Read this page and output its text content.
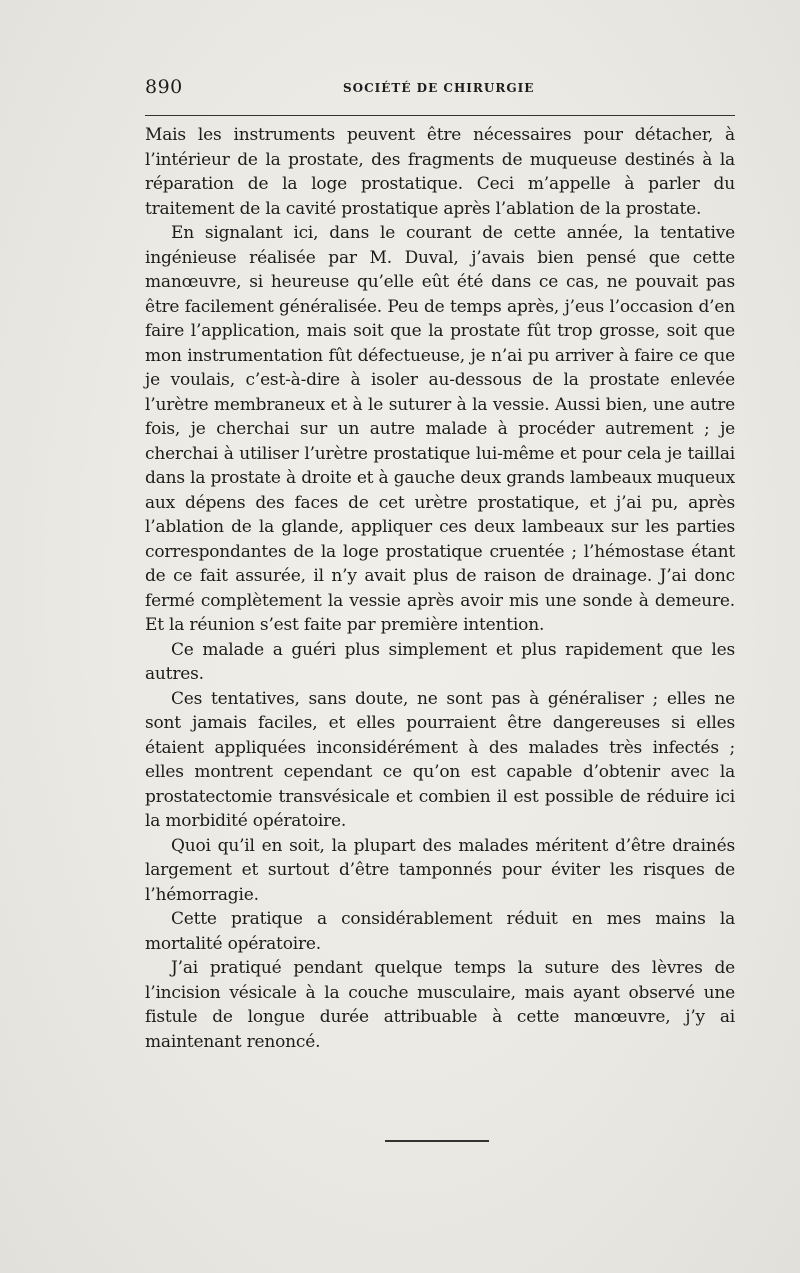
890	SOCIÉTÉ DE CHIRURGIE

Mais les instruments peuvent être nécessaires pour détacher, à l’intérieur de la prostate, des fragments de muqueuse destinés à la réparation de la loge prostatique. Ceci m’appelle à parler du traitement de la cavité prostatique après l’ablation de la prostate.

En signalant ici, dans le courant de cette année, la tentative ingénieuse réalisée par M. Duval, j’avais bien pensé que cette manœuvre, si heureuse qu’elle eût été dans ce cas, ne pouvait pas être facilement généralisée. Peu de temps après, j’eus l’occasion d’en faire l’application, mais soit que la prostate fût trop grosse, soit que mon instrumentation fût défectueuse, je n’ai pu arriver à faire ce que je voulais, c’est-à-dire à isoler au-dessous de la prostate enlevée l’urètre membraneux et à le suturer à la vessie. Aussi bien, une autre fois, je cherchai sur un autre malade à procéder autrement ; je cherchai à utiliser l’urètre prostatique lui-même et pour cela je taillai dans la prostate à droite et à gauche deux grands lambeaux muqueux aux dépens des faces de cet urètre prostatique, et j’ai pu, après l’ablation de la glande, appliquer ces deux lambeaux sur les parties correspondantes de la loge prostatique cruentée ; l’hémostase étant de ce fait assurée, il n’y avait plus de raison de drainage. J’ai donc fermé complètement la vessie après avoir mis une sonde à demeure. Et la réunion s’est faite par première intention.

Ce malade a guéri plus simplement et plus rapidement que les autres.

Ces tentatives, sans doute, ne sont pas à généraliser ; elles ne sont jamais faciles, et elles pourraient être dangereuses si elles étaient appliquées inconsidérément à des malades très infectés ; elles montrent cependant ce qu’on est capable d’obtenir avec la prostatectomie transvésicale et combien il est possible de réduire ici la morbidité opératoire.

Quoi qu’il en soit, la plupart des malades méritent d’être drainés largement et surtout d’être tamponnés pour éviter les risques de l’hémorragie.

Cette pratique a considérablement réduit en mes mains la mortalité opératoire.

J’ai pratiqué pendant quelque temps la suture des lèvres de l’incision vésicale à la couche musculaire, mais ayant observé une fistule de longue durée attribuable à cette manœuvre, j’y ai maintenant renoncé.
